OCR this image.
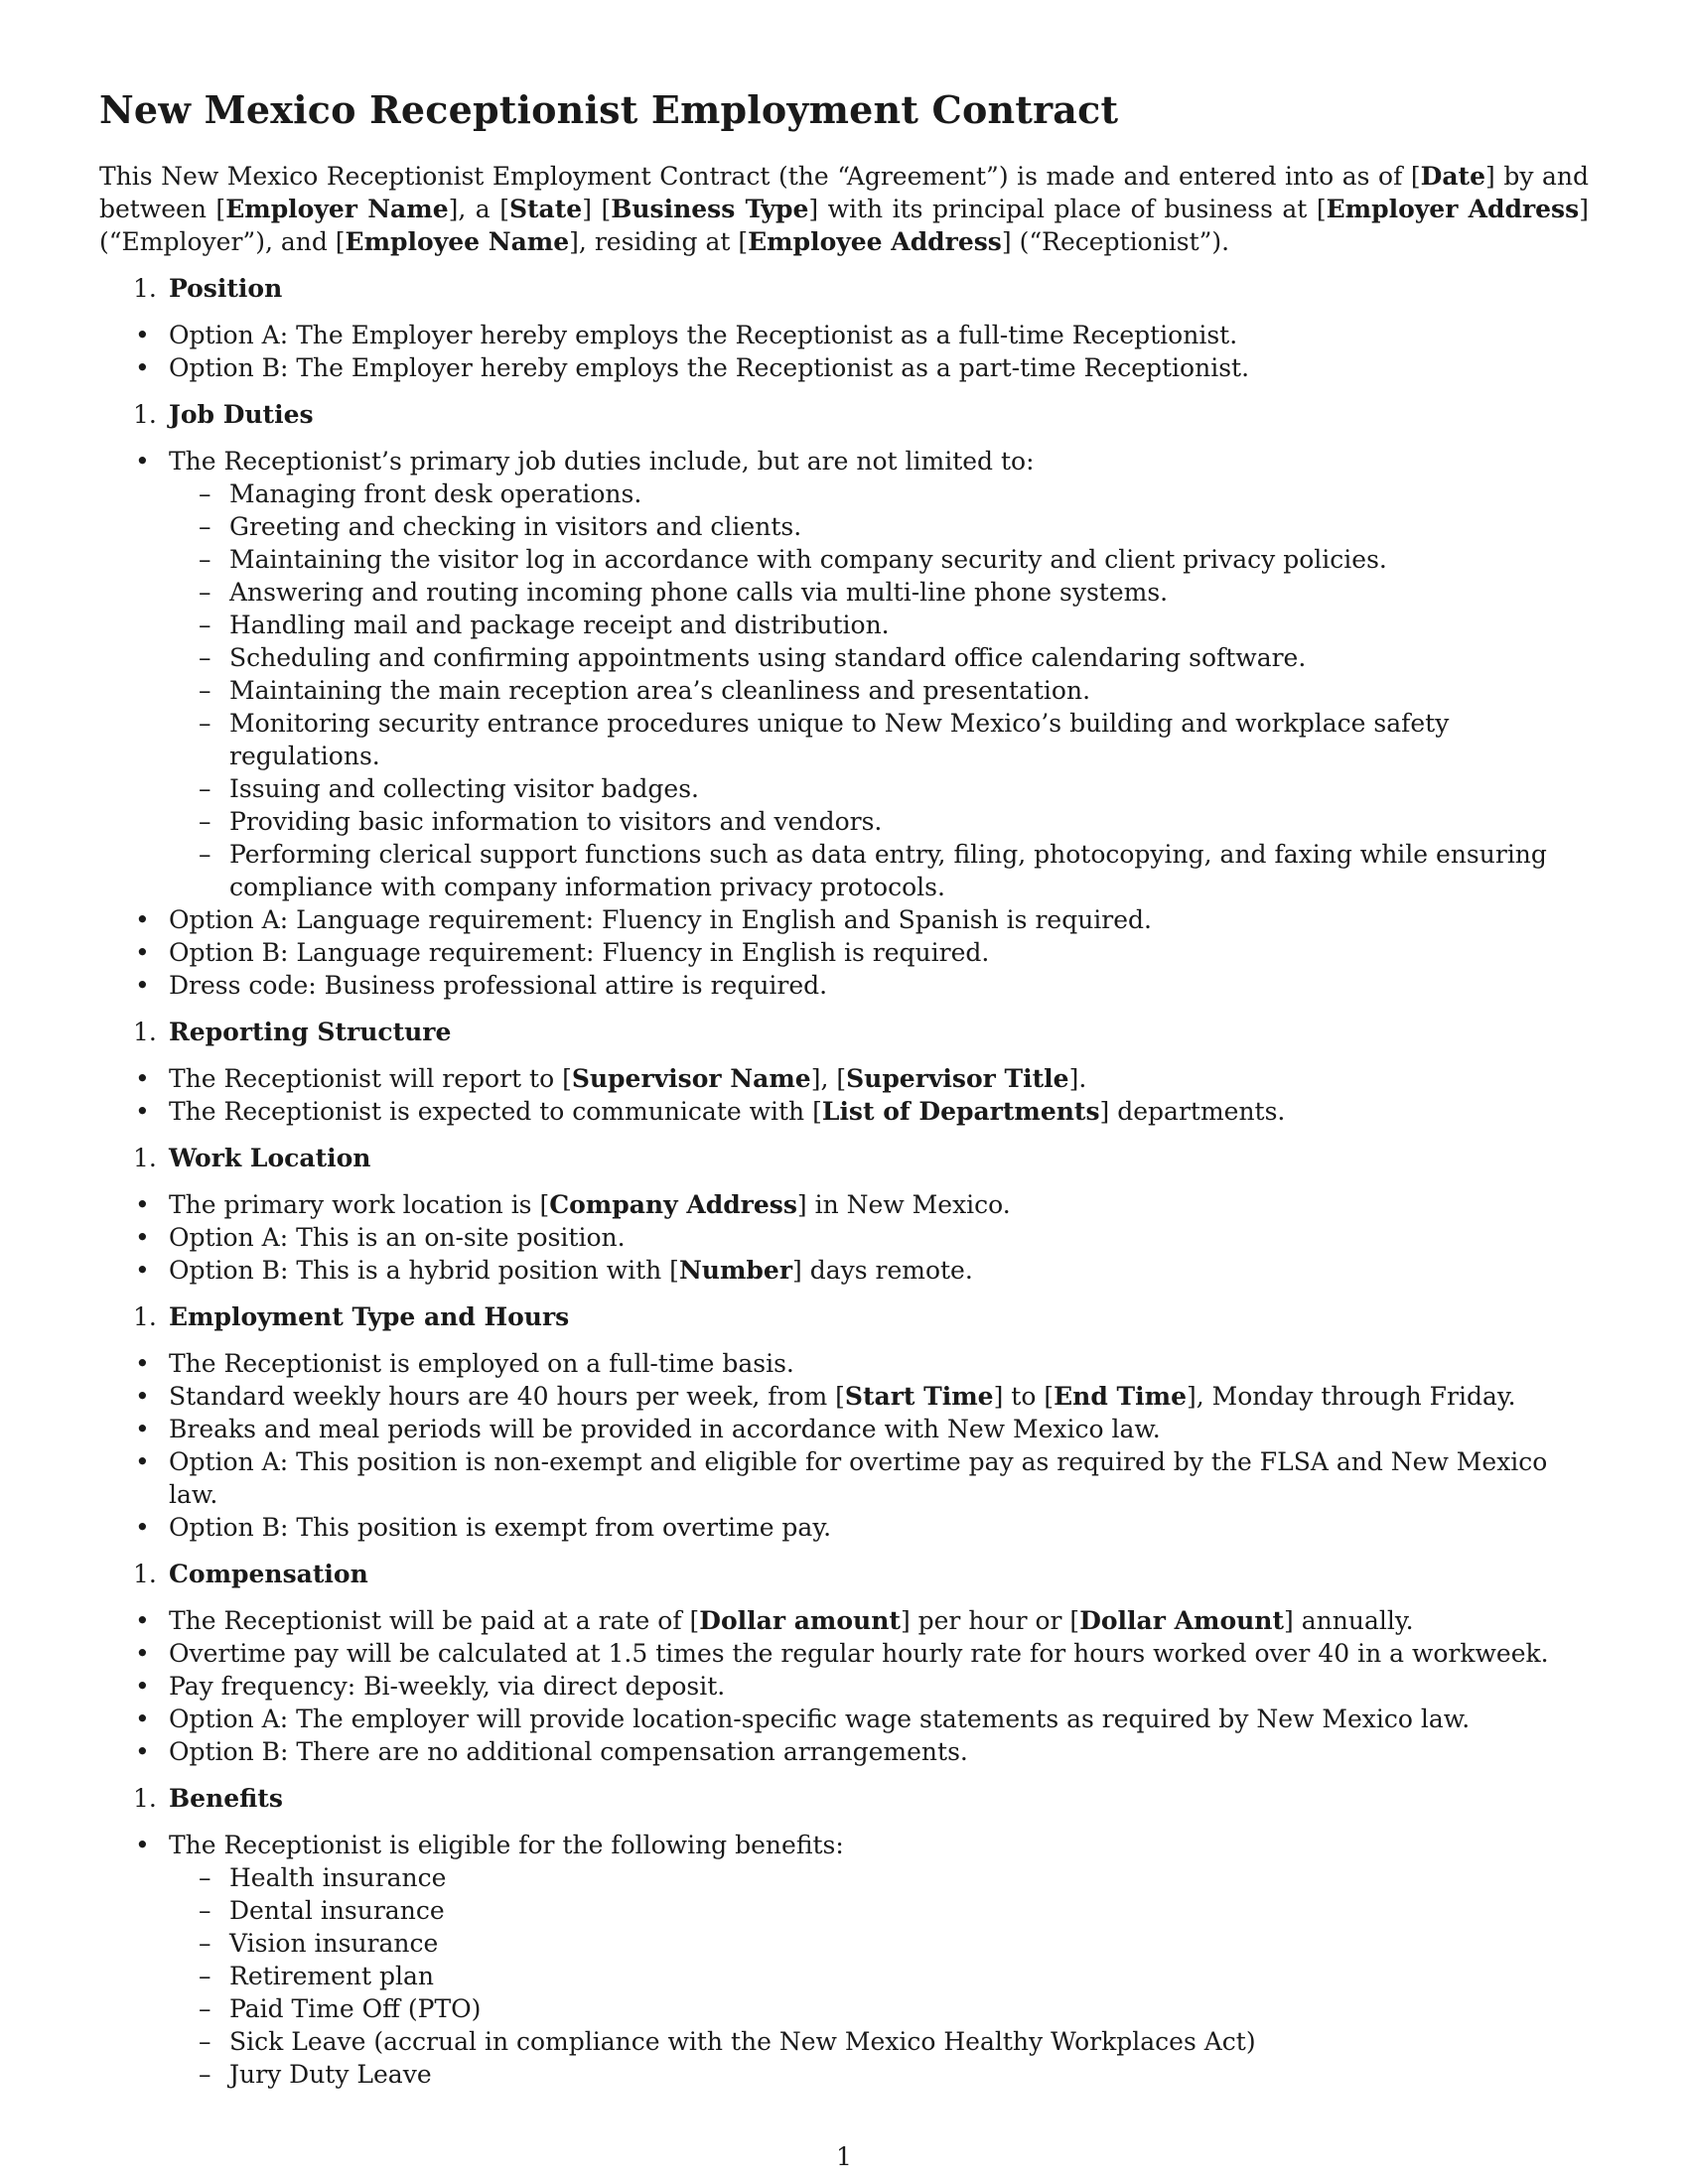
New Mexico Receptionist Employment Contract

This New Mexico Receptionist Employment Contract (the “Agreement”) is made and entered into as of [Date] by and between [Employer Name], a [State] [Business Type] with its principal place of business at [Employer Address] (“Employer”), and [Employee Name], residing at [Employee Address] (“Receptionist”).

1. Position
• Option A: The Employer hereby employs the Receptionist as a full-time Receptionist.
• Option B: The Employer hereby employs the Receptionist as a part-time Receptionist.
1. Job Duties
• The Receptionist’s primary job duties include, but are not limited to:
– Managing front desk operations.
– Greeting and checking in visitors and clients.
– Maintaining the visitor log in accordance with company security and client privacy policies.
– Answering and routing incoming phone calls via multi-line phone systems.
– Handling mail and package receipt and distribution.
– Scheduling and confirming appointments using standard office calendaring software.
– Maintaining the main reception area’s cleanliness and presentation.
– Monitoring security entrance procedures unique to New Mexico’s building and workplace safety regulations.
– Issuing and collecting visitor badges.
– Providing basic information to visitors and vendors.
– Performing clerical support functions such as data entry, filing, photocopying, and faxing while ensuring compliance with company information privacy protocols.
• Option A: Language requirement: Fluency in English and Spanish is required.
• Option B: Language requirement: Fluency in English is required.
• Dress code: Business professional attire is required.
1. Reporting Structure
• The Receptionist will report to [Supervisor Name], [Supervisor Title].
• The Receptionist is expected to communicate with [List of Departments] departments.
1. Work Location
• The primary work location is [Company Address] in New Mexico.
• Option A: This is an on-site position.
• Option B: This is a hybrid position with [Number] days remote.
1. Employment Type and Hours
• The Receptionist is employed on a full-time basis.
• Standard weekly hours are 40 hours per week, from [Start Time] to [End Time], Monday through Friday.
• Breaks and meal periods will be provided in accordance with New Mexico law.
• Option A: This position is non-exempt and eligible for overtime pay as required by the FLSA and New Mexico law.
• Option B: This position is exempt from overtime pay.
1. Compensation
• The Receptionist will be paid at a rate of [Dollar amount] per hour or [Dollar Amount] annually.
• Overtime pay will be calculated at 1.5 times the regular hourly rate for hours worked over 40 in a workweek.
• Pay frequency: Bi-weekly, via direct deposit.
• Option A: The employer will provide location-specific wage statements as required by New Mexico law.
• Option B: There are no additional compensation arrangements.
1. Benefits
• The Receptionist is eligible for the following benefits:
– Health insurance
– Dental insurance
– Vision insurance
– Retirement plan
– Paid Time Off (PTO)
– Sick Leave (accrual in compliance with the New Mexico Healthy Workplaces Act)
– Jury Duty Leave
1
